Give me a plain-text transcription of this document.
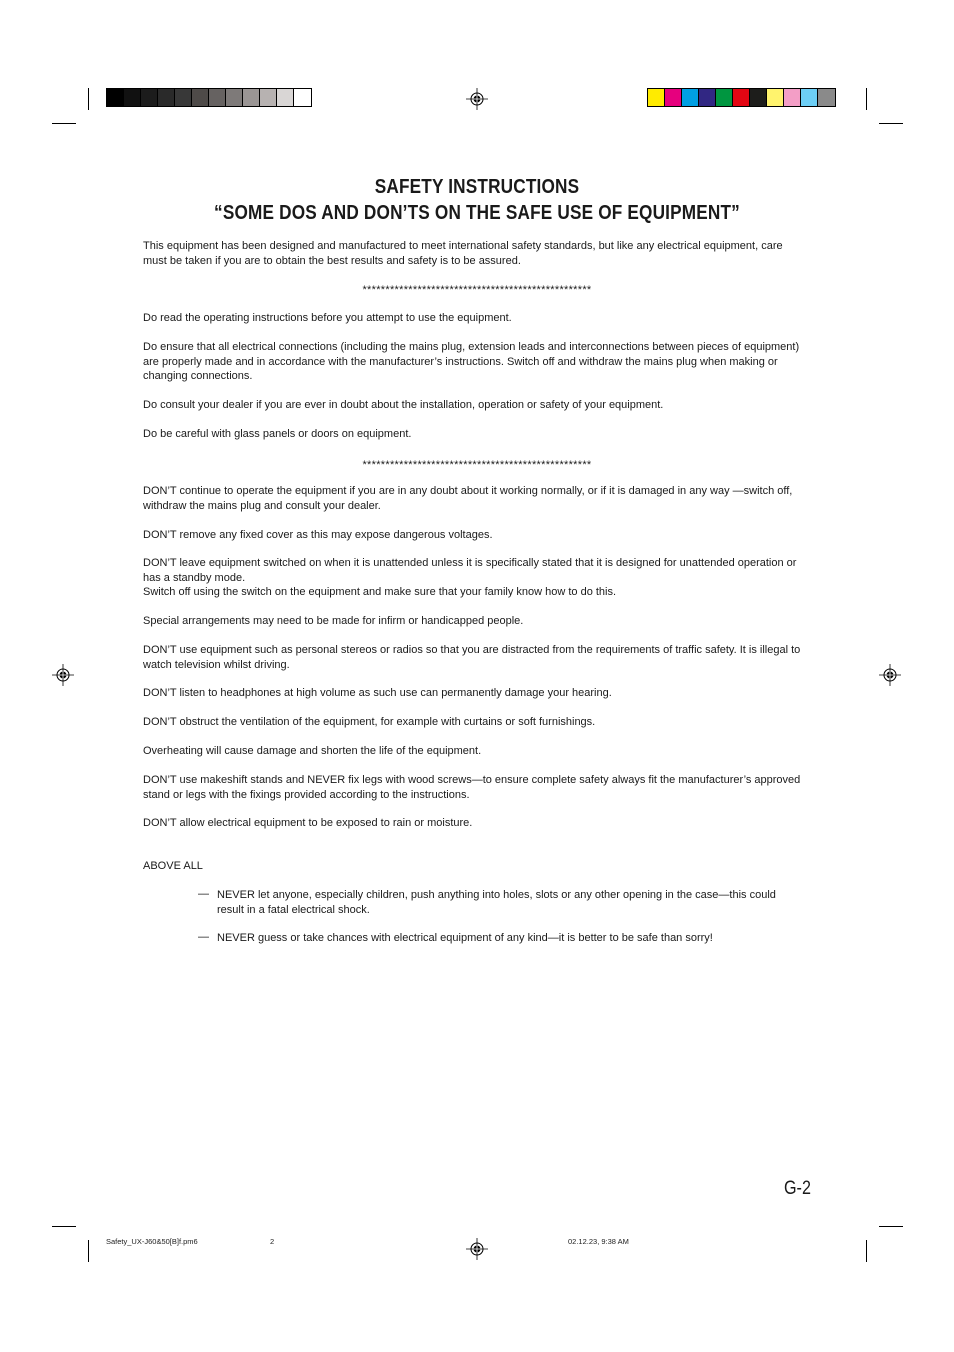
SAFETY INSTRUCTIONS
“SOME DOS AND DON’TS ON THE SAFE USE OF EQUIPMENT”
This equipment has been designed and manufactured to meet international safety standards, but like any electrical equipment, care must be taken if you are to obtain the best results and safety is to be assured.
**************************************************
Do read the operating instructions before you attempt to use the equipment.
Do ensure that all electrical connections (including the mains plug, extension leads and interconnections between pieces of equipment) are properly made and in accordance with the manufacturer’s instructions. Switch off and withdraw the mains plug when making or changing connections.
Do consult your dealer if you are ever in doubt about the installation, operation or safety of your equipment.
Do be careful with glass panels or doors on equipment.
**************************************************
DON’T continue to operate the equipment if you are in any doubt about it working normally, or if it is damaged in any way —switch off, withdraw the mains plug and consult your dealer.
DON’T remove any fixed cover as this may expose dangerous voltages.
DON’T leave equipment switched on when it is unattended unless it is specifically stated that it is designed for unattended operation or has a standby mode.
Switch off using the switch on the equipment and make sure that your family know how to do this.
Special arrangements may need to be made for infirm or handicapped people.
DON’T use equipment such as personal stereos or radios so that you are distracted from the requirements of traffic safety. It is illegal to watch television whilst driving.
DON’T listen to headphones at high volume as such use can permanently damage your hearing.
DON’T obstruct the ventilation of the equipment, for example with curtains or soft furnishings.
Overheating will cause damage and shorten the life of the equipment.
DON’T use makeshift stands and NEVER fix legs with wood screws—to ensure complete safety always fit the manufacturer’s approved stand or legs with the fixings provided according to the instructions.
DON’T allow electrical equipment to be exposed to rain or moisture.
ABOVE ALL
— NEVER let anyone, especially children, push anything into holes, slots or any other opening in the case—this could result in a fatal electrical shock.
— NEVER guess or take chances with electrical equipment of any kind—it is better to be safe than sorry!
G-2
Safety_UX-J60&50[B]f.pm6	2	02.12.23, 9:38 AM
